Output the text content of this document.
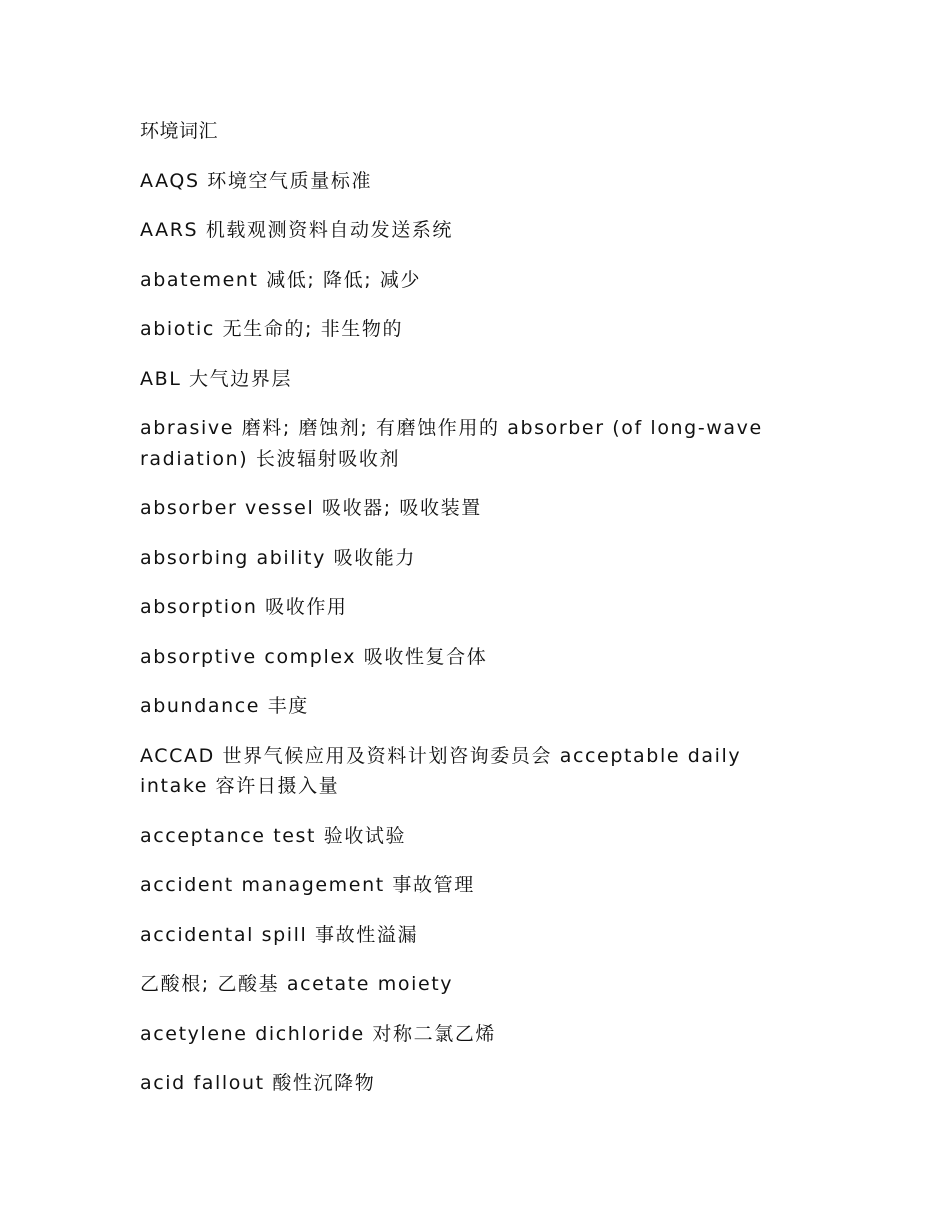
环境词汇
AAQS 环境空气质量标准
AARS 机载观测资料自动发送系统
abatement 减低; 降低; 减少
abiotic 无生命的; 非生物的
ABL 大气边界层
abrasive 磨料; 磨蚀剂; 有磨蚀作用的 absorber (of long-wave radiation) 长波辐射吸收剂
absorber vessel 吸收器; 吸收装置
absorbing ability 吸收能力
absorption 吸收作用
absorptive complex 吸收性复合体
abundance 丰度
ACCAD 世界气候应用及资料计划咨询委员会 acceptable daily intake 容许日摄入量
acceptance test 验收试验
accident management 事故管理
accidental spill 事故性溢漏
乙酸根; 乙酸基 acetate moiety
acetylene dichloride 对称二氯乙烯
acid fallout 酸性沉降物
